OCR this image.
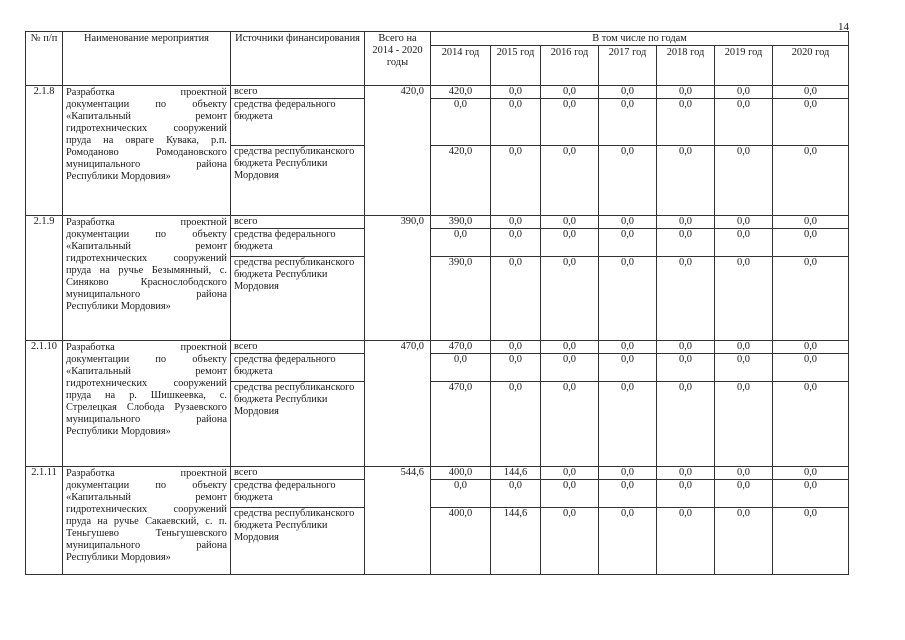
14
№ п/п	Наименование мероприятия	Источники финансирования	Всего на 2014 - 2020 годы	В том числе по годам						
				2014 год	2015 год	2016 год	2017 год	2018 год	2019 год	2020 год
2.1.8	Разработка проектной документации по объекту «Капитальный ремонт гидротехнических сооружений пруда на овраге Кувака, р.п. Ромоданово Ромодановского муниципального района Республики Мордовия»	всего	420,0	420,0	0,0	0,0	0,0	0,0	0,0	0,0
		средства федерального бюджета		0,0	0,0	0,0	0,0	0,0	0,0	0,0
		средства республиканского бюджета Республики Мордовия		420,0	0,0	0,0	0,0	0,0	0,0	0,0
2.1.9	Разработка проектной документации по объекту «Капитальный ремонт гидротехнических сооружений пруда на ручье Безымянный, с. Синяково Краснослободского муниципального района Республики Мордовия»	всего	390,0	390,0	0,0	0,0	0,0	0,0	0,0	0,0
		средства федерального бюджета		0,0	0,0	0,0	0,0	0,0	0,0	0,0
		средства республиканского бюджета Республики Мордовия		390,0	0,0	0,0	0,0	0,0	0,0	0,0
2.1.10	Разработка проектной документации по объекту «Капитальный ремонт гидротехнических сооружений пруда на р. Шишкеевка, с. Стрелецкая Слобода Рузаевского муниципального района Республики Мордовия»	всего	470,0	470,0	0,0	0,0	0,0	0,0	0,0	0,0
		средства федерального бюджета		0,0	0,0	0,0	0,0	0,0	0,0	0,0
		средства республиканского бюджета Республики Мордовия		470,0	0,0	0,0	0,0	0,0	0,0	0,0
2.1.11	Разработка проектной документации по объекту «Капитальный ремонт гидротехнических сооружений пруда на ручье Сакаевский, с. п. Теньгушево Теньгушевского муниципального района Республики Мордовия»	всего	544,6	400,0	144,6	0,0	0,0	0,0	0,0	0,0
		средства федерального бюджета		0,0	0,0	0,0	0,0	0,0	0,0	0,0
		средства республиканского бюджета Республики Мордовия		400,0	144,6	0,0	0,0	0,0	0,0	0,0
